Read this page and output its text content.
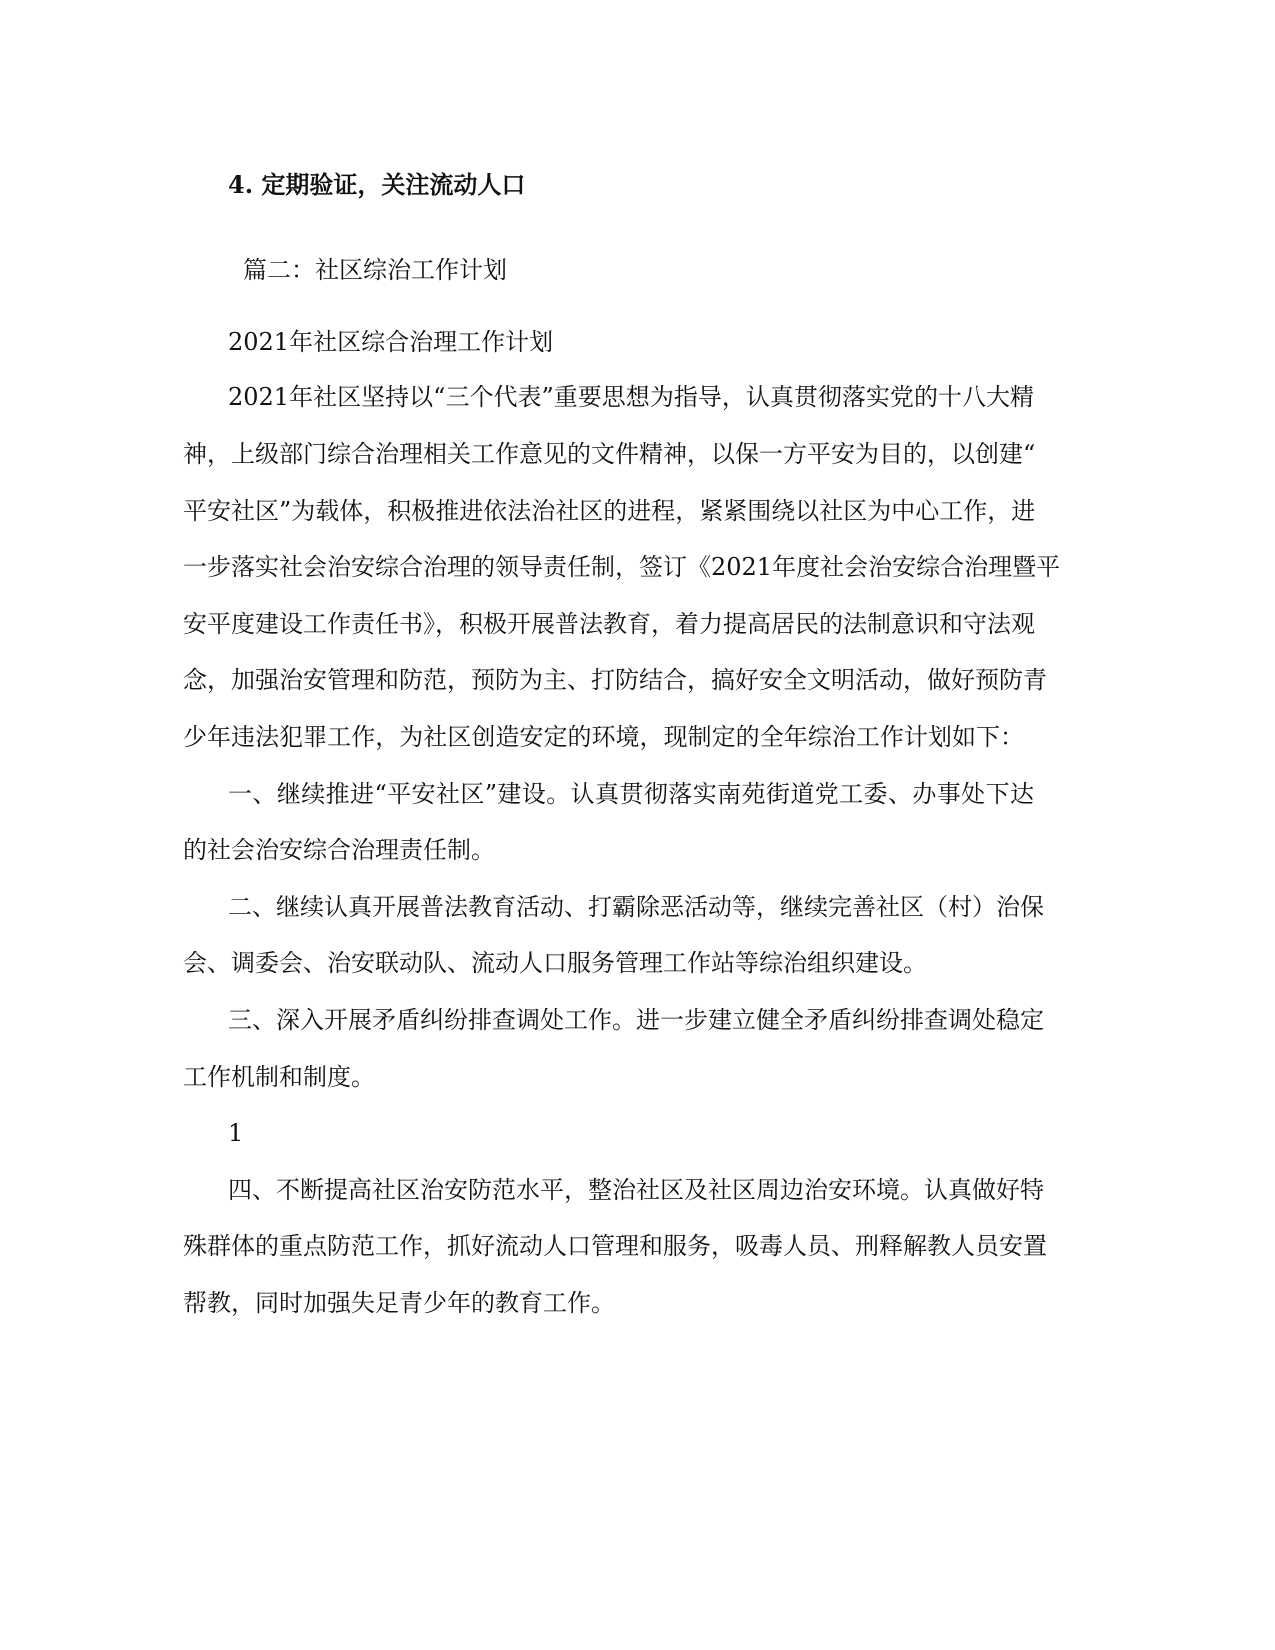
4. 定期验证，关注流动人口
篇二：社区综治工作计划
2021年社区综合治理工作计划
2021年社区坚持以“三个代表”重要思想为指导，认真贯彻落实党的十八大精
神，上级部门综合治理相关工作意见的文件精神，以保一方平安为目的，以创建“
平安社区”为载体，积极推进依法治社区的进程，紧紧围绕以社区为中心工作，进
一步落实社会治安综合治理的领导责任制，签订《2021年度社会治安综合治理暨平
安平度建设工作责任书》，积极开展普法教育，着力提高居民的法制意识和守法观
念，加强治安管理和防范，预防为主、打防结合，搞好安全文明活动，做好预防青
少年违法犯罪工作，为社区创造安定的环境，现制定的全年综治工作计划如下：
一、继续推进“平安社区”建设。认真贯彻落实南苑街道党工委、办事处下达
的社会治安综合治理责任制。
二、继续认真开展普法教育活动、打霸除恶活动等，继续完善社区（村）治保
会、调委会、治安联动队、流动人口服务管理工作站等综治组织建设。
三、深入开展矛盾纠纷排查调处工作。进一步建立健全矛盾纠纷排查调处稳定
工作机制和制度。
1
四、不断提高社区治安防范水平，整治社区及社区周边治安环境。认真做好特
殊群体的重点防范工作，抓好流动人口管理和服务，吸毒人员、刑释解教人员安置
帮教，同时加强失足青少年的教育工作。
